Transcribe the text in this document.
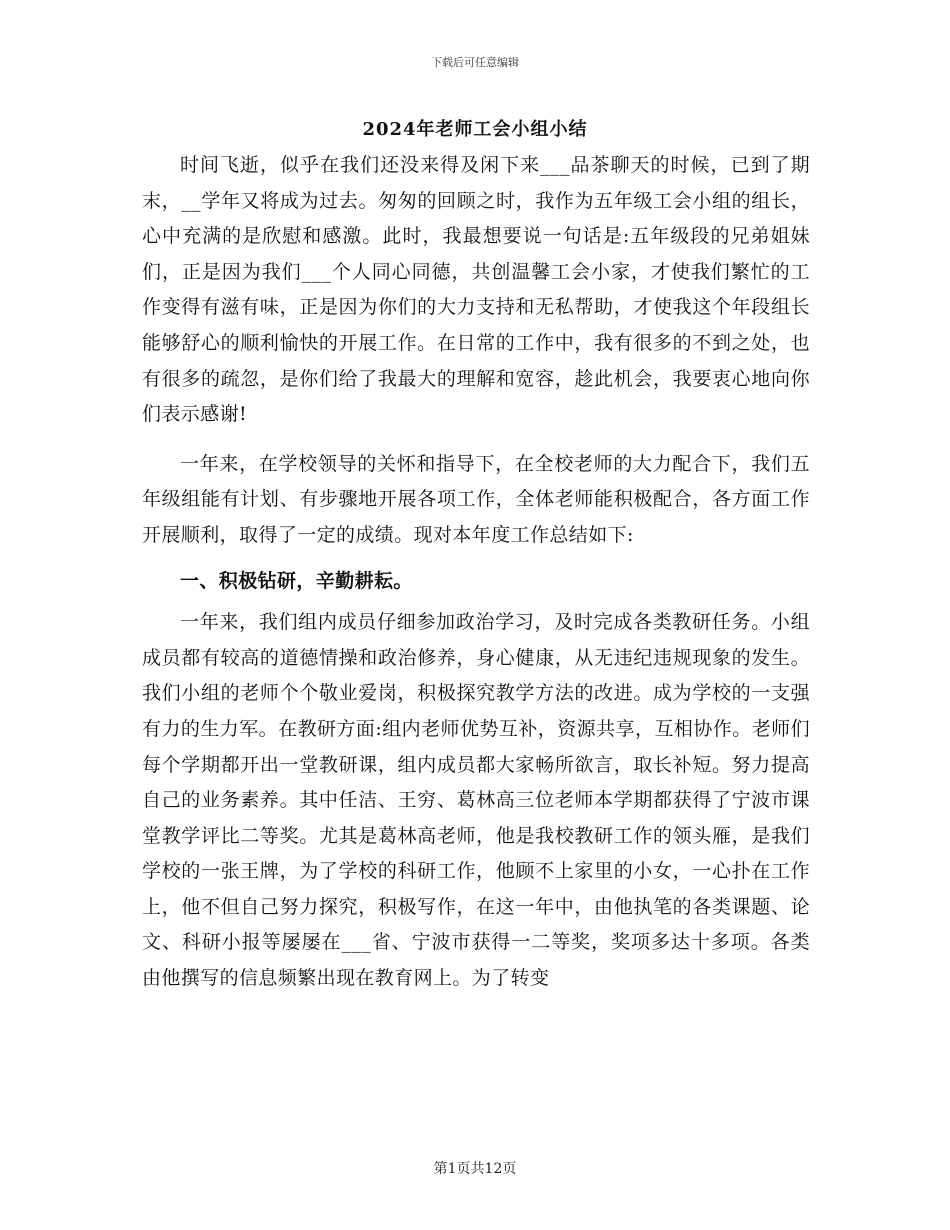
下载后可任意编辑
2024年老师工会小组小结

时间飞逝，似乎在我们还没来得及闲下来___品茶聊天的时候，已到了期末，__学年又将成为过去。匆匆的回顾之时，我作为五年级工会小组的组长，心中充满的是欣慰和感激。此时，我最想要说一句话是:五年级段的兄弟姐妹们，正是因为我们___个人同心同德，共创温馨工会小家，才使我们繁忙的工作变得有滋有味，正是因为你们的大力支持和无私帮助，才使我这个年段组长能够舒心的顺利愉快的开展工作。在日常的工作中，我有很多的不到之处，也有很多的疏忽，是你们给了我最大的理解和宽容，趁此机会，我要衷心地向你们表示感谢!

一年来，在学校领导的关怀和指导下，在全校老师的大力配合下，我们五年级组能有计划、有步骤地开展各项工作，全体老师能积极配合，各方面工作开展顺利，取得了一定的成绩。现对本年度工作总结如下:

一、积极钻研，辛勤耕耘。

一年来，我们组内成员仔细参加政治学习，及时完成各类教研任务。小组成员都有较高的道德情操和政治修养，身心健康，从无违纪违规现象的发生。我们小组的老师个个敬业爱岗，积极探究教学方法的改进。成为学校的一支强有力的生力军。在教研方面:组内老师优势互补，资源共享，互相协作。老师们每个学期都开出一堂教研课，组内成员都大家畅所欲言，取长补短。努力提高自己的业务素养。其中任洁、王穷、葛林高三位老师本学期都获得了宁波市课堂教学评比二等奖。尤其是葛林高老师，他是我校教研工作的领头雁，是我们学校的一张王牌，为了学校的科研工作，他顾不上家里的小女，一心扑在工作上，他不但自己努力探究，积极写作，在这一年中，由他执笔的各类课题、论文、科研小报等屡屡在___省、宁波市获得一二等奖，奖项多达十多项。各类由他撰写的信息频繁出现在教育网上。为了转变

第1页共12页
